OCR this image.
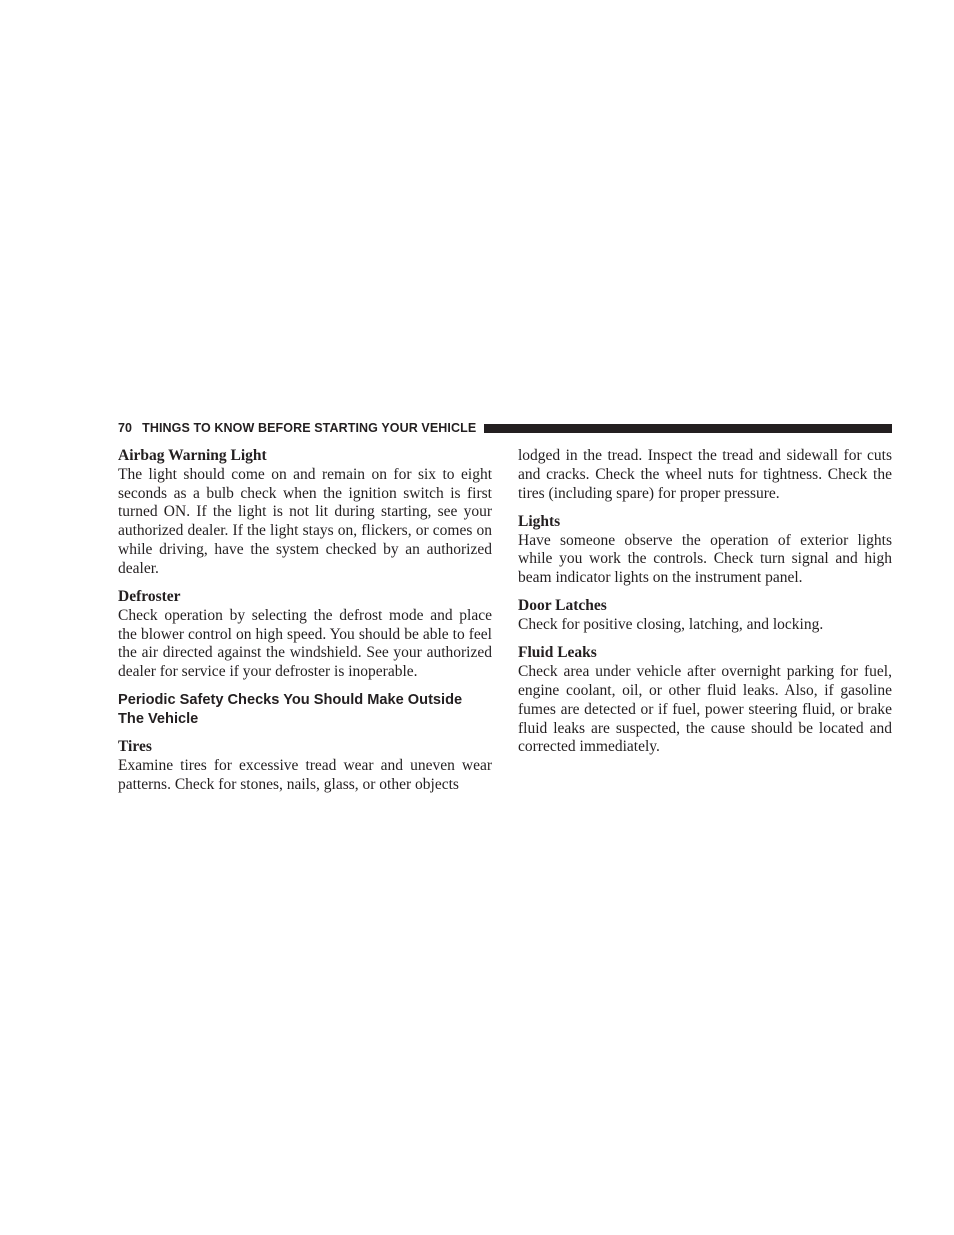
70 THINGS TO KNOW BEFORE STARTING YOUR VEHICLE
Airbag Warning Light

The light should come on and remain on for six to eight seconds as a bulb check when the ignition switch is first turned ON. If the light is not lit during starting, see your authorized dealer. If the light stays on, flickers, or comes on while driving, have the system checked by an authorized dealer.

Defroster

Check operation by selecting the defrost mode and place the blower control on high speed. You should be able to feel the air directed against the windshield. See your authorized dealer for service if your defroster is inoperable.

Periodic Safety Checks You Should Make Outside The Vehicle
Tires

Examine tires for excessive tread wear and uneven wear patterns. Check for stones, nails, glass, or other objects

lodged in the tread. Inspect the tread and sidewall for cuts and cracks. Check the wheel nuts for tightness. Check the tires (including spare) for proper pressure.

Lights

Have someone observe the operation of exterior lights while you work the controls. Check turn signal and high beam indicator lights on the instrument panel.

Door Latches

Check for positive closing, latching, and locking.

Fluid Leaks

Check area under vehicle after overnight parking for fuel, engine coolant, oil, or other fluid leaks. Also, if gasoline fumes are detected or if fuel, power steering fluid, or brake fluid leaks are suspected, the cause should be located and corrected immediately.
